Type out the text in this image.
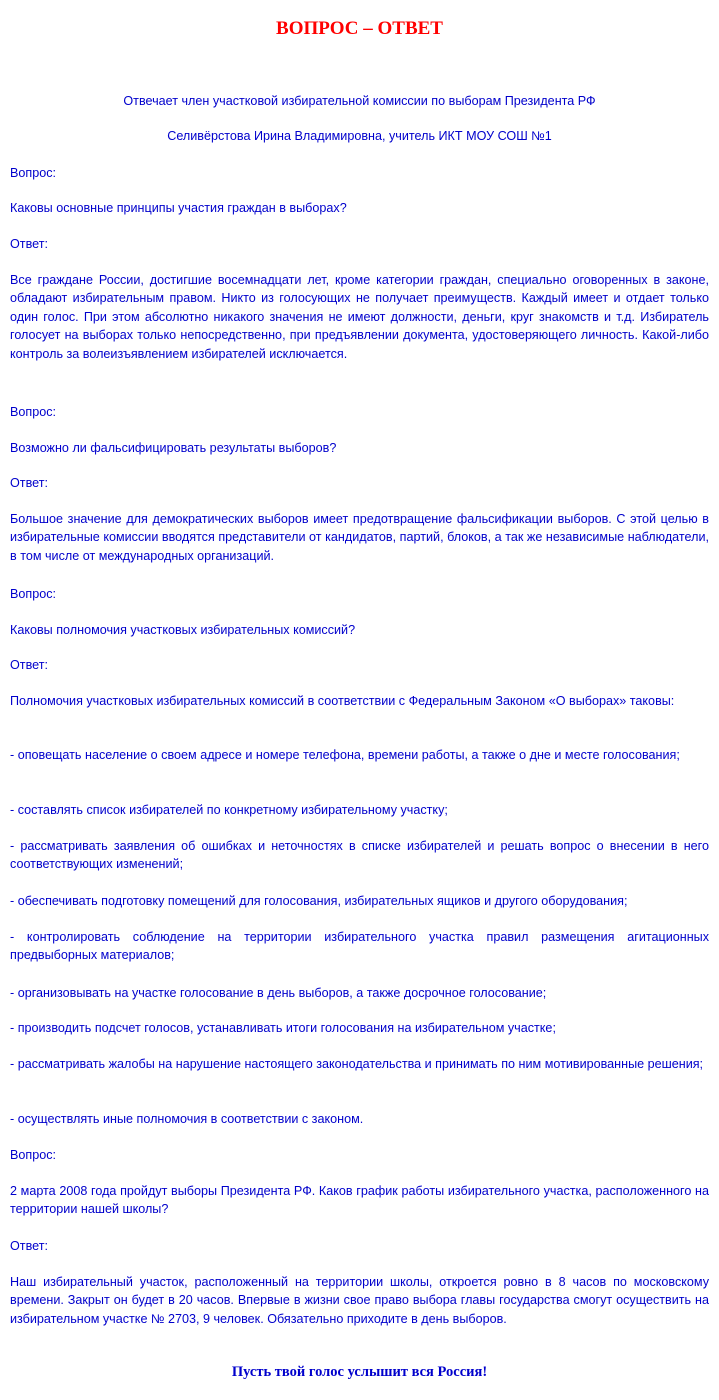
ВОПРОС – ОТВЕТ

Отвечает член участковой избирательной комиссии по выборам Президента РФ

Селивёрстова Ирина Владимировна, учитель ИКТ МОУ СОШ №1

Вопрос:

Каковы основные принципы участия граждан в выборах?

Ответ:

Все граждане России, достигшие восемнадцати лет, кроме категории граждан, специально оговоренных в законе, обладают избирательным правом. Никто из голосующих не получает преимуществ. Каждый имеет и отдает только один голос. При этом абсолютно никакого значения не имеют должности, деньги, круг знакомств и т.д. Избиратель голосует на выборах только непосредственно, при предъявлении документа, удостоверяющего личность. Какой-либо контроль за волеизъявлением избирателей исключается.

Вопрос:

Возможно ли фальсифицировать результаты выборов?

Ответ:

Большое значение для демократических выборов имеет предотвращение фальсификации выборов. С этой целью в избирательные комиссии вводятся представители от кандидатов, партий, блоков, а так же независимые наблюдатели, в том числе от международных организаций.

Вопрос:

Каковы полномочия участковых избирательных комиссий?

Ответ:

Полномочия участковых избирательных комиссий в соответствии с Федеральным Законом «О выборах» таковы:

- оповещать население о своем адресе и номере телефона, времени работы, а также о дне и месте голосования;

- составлять список избирателей по конкретному избирательному участку;

- рассматривать заявления об ошибках и неточностях в списке избирателей и решать вопрос о внесении в него соответствующих изменений;

- обеспечивать подготовку помещений для голосования, избирательных ящиков и другого оборудования;

- контролировать соблюдение на территории избирательного участка правил размещения агитационных предвыборных материалов;

- организовывать на участке голосование в день выборов, а также досрочное голосование;

- производить подсчет голосов, устанавливать итоги голосования на избирательном участке;

- рассматривать жалобы на нарушение настоящего законодательства и принимать по ним мотивированные решения;

- осуществлять иные полномочия в соответствии с законом.

Вопрос:

2 марта 2008 года пройдут выборы Президента РФ. Каков график работы избирательного участка, расположенного на территории нашей школы?

Ответ:

Наш избирательный участок, расположенный на территории школы, откроется ровно в 8 часов по московскому времени. Закрыт он будет в 20 часов. Впервые в жизни свое право выбора главы государства смогут осуществить на избирательном участке № 2703, 9 человек. Обязательно приходите в день выборов.

Пусть твой голос услышит вся Россия!
